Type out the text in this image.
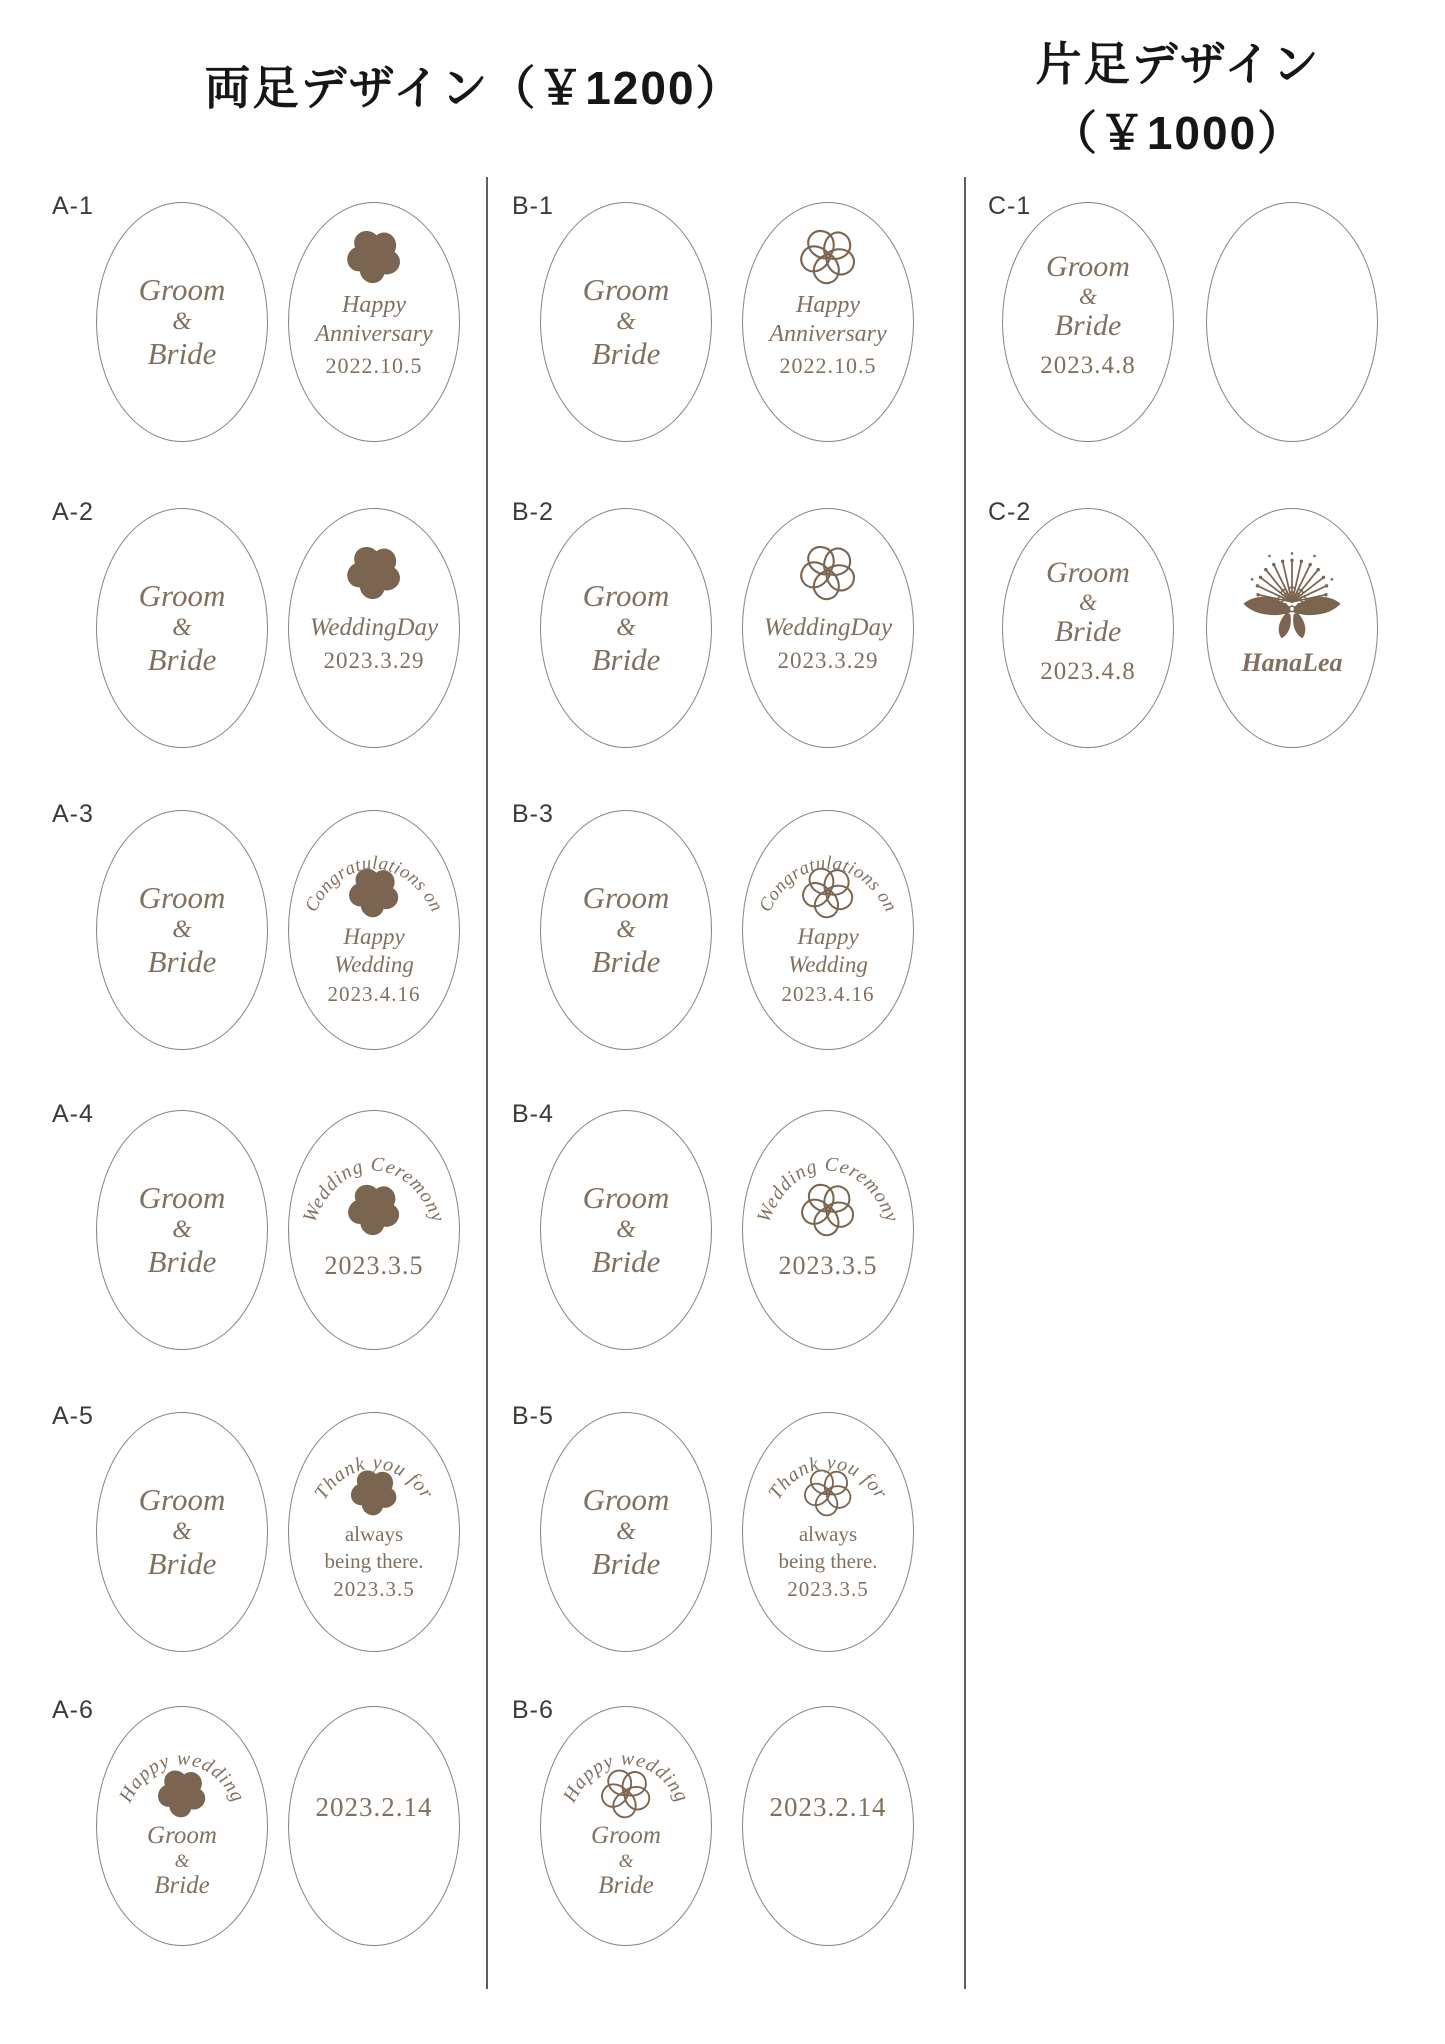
両足デザイン（￥1200）	片足デザイン
（￥1000）
A-1
Groom
&
Bride
Happy
Anniversary
2022.10.5
A-2
Groom
&
Bride
WeddingDay
2023.3.29
A-3
Groom
&
Bride
Congratulations on
Happy
Wedding
2023.4.16
A-4
Groom
&
Bride
Wedding Ceremony
2023.3.5
A-5
Groom
&
Bride
Thank you for
always
being there.
2023.3.5
A-6
Happy wedding
Groom
&
Bride
2023.2.14
B-1
Groom
&
Bride
Happy
Anniversary
2022.10.5
B-2
Groom
&
Bride
WeddingDay
2023.3.29
B-3
Groom
&
Bride
Congratulations on
Happy
Wedding
2023.4.16
B-4
Groom
&
Bride
Wedding Ceremony
2023.3.5
B-5
Groom
&
Bride
Thank you for
always
being there.
2023.3.5
B-6
Happy wedding
Groom
&
Bride
2023.2.14
C-1
Groom
&
Bride
2023.4.8
C-2
Groom
&
Bride
2023.4.8	HanaLea
